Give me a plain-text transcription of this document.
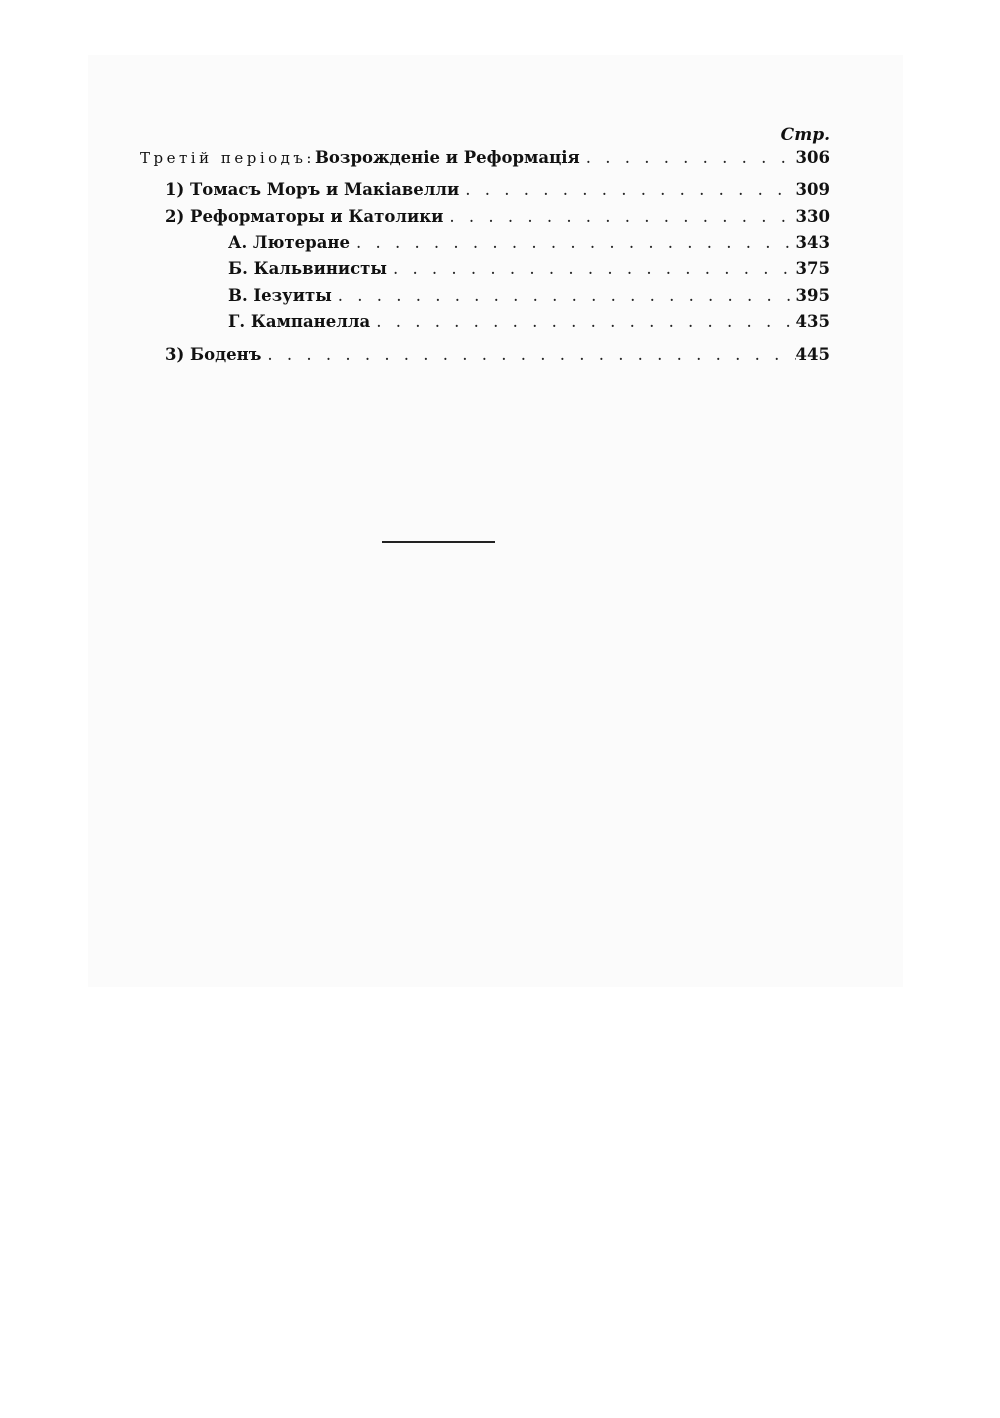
Стр.
Третій періодъ: Возрожденіе и Реформація . . .	306
1) Томасъ Моръ и Макіавелли . . .	309
2) Реформаторы и Католики . . .	330
А. Лютеране . . .	343
Б. Кальвинисты . . .	375
В. Іезуиты . . .	395
Г. Кампанелла . . .	435
3) Боденъ . . .	445
